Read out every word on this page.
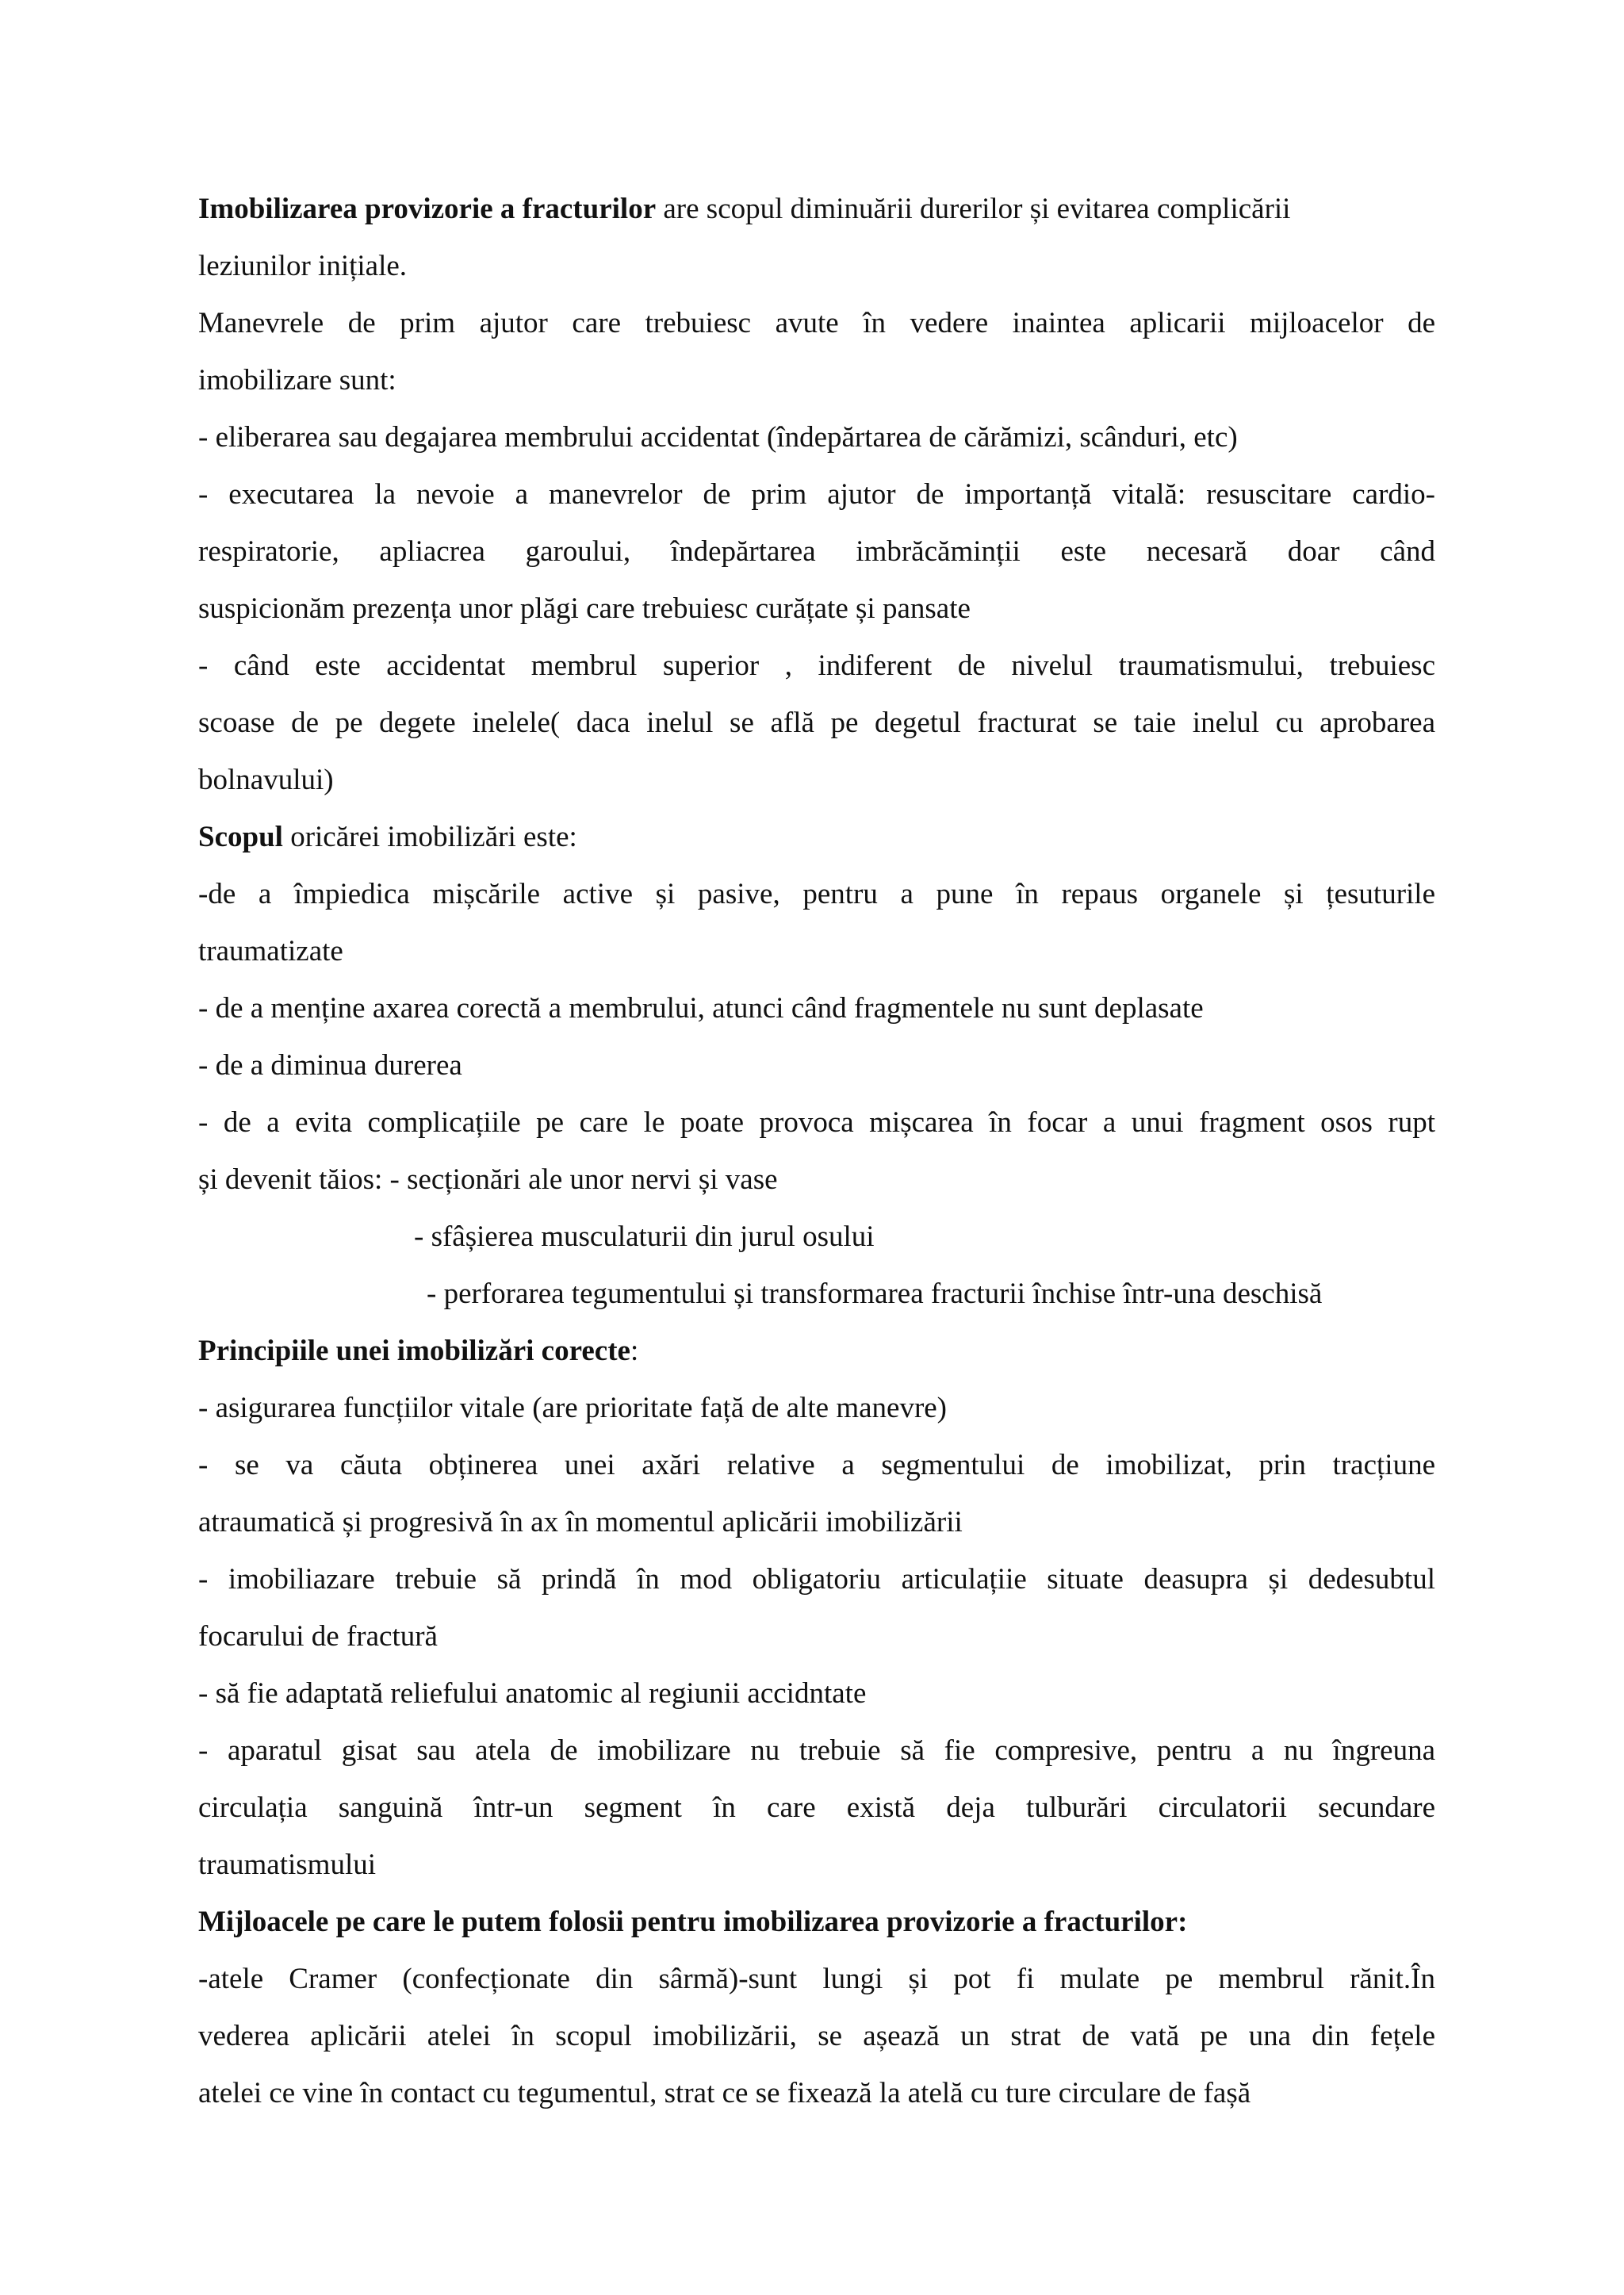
Imobilizarea provizorie a fracturilor are scopul diminuării durerilor și evitarea complicării
leziunilor inițiale.
Manevrele de prim ajutor care trebuiesc avute în vedere inaintea aplicarii mijloacelor de
imobilizare sunt:
- eliberarea sau degajarea membrului accidentat (îndepărtarea de cărămizi, scânduri, etc)
- executarea la nevoie a manevrelor de prim ajutor de importanță vitală: resuscitare cardio-
respiratorie, apliacrea garoului, îndepărtarea imbrăcăminții este necesară doar când
suspicionăm prezența unor plăgi care trebuiesc curățate și pansate
- când este accidentat membrul superior , indiferent de nivelul traumatismului, trebuiesc
scoase de pe degete inelele( daca inelul se află pe degetul fracturat se taie inelul cu aprobarea
bolnavului)
Scopul oricărei imobilizări este:
-de a împiedica mișcările active și pasive, pentru a pune în repaus organele și țesuturile
traumatizate
- de a menține axarea corectă a membrului, atunci când fragmentele nu sunt deplasate
- de a diminua durerea
- de a evita complicațiile pe care le poate provoca mișcarea în focar a unui fragment osos rupt
și devenit tăios: - secționări ale unor nervi și vase
- sfâșierea musculaturii din jurul osului
- perforarea tegumentului și transformarea fracturii închise într-una deschisă
Principiile unei imobilizări corecte:
- asigurarea funcțiilor vitale (are prioritate față de alte manevre)
- se va căuta obținerea unei axări relative a segmentului de imobilizat, prin tracțiune
atraumatică și progresivă în ax în momentul aplicării imobilizării
- imobiliazare trebuie să prindă în mod obligatoriu articulațiie situate deasupra și dedesubtul
focarului de fractură
- să fie adaptată reliefului anatomic al regiunii accidntate
- aparatul gisat sau atela de imobilizare nu trebuie să fie compresive, pentru a nu îngreuna
circulația sanguină într-un segment în care există deja tulburări circulatorii secundare
traumatismului
Mijloacele pe care le putem folosii pentru imobilizarea provizorie a fracturilor:
-atele Cramer (confecționate din sârmă)-sunt lungi și pot fi mulate pe membrul rănit.În
vederea aplicării atelei în scopul imobilizării, se așează un strat de vată pe una din fețele
atelei ce vine în contact cu tegumentul, strat ce se fixează la atelă cu ture circulare de fașă
